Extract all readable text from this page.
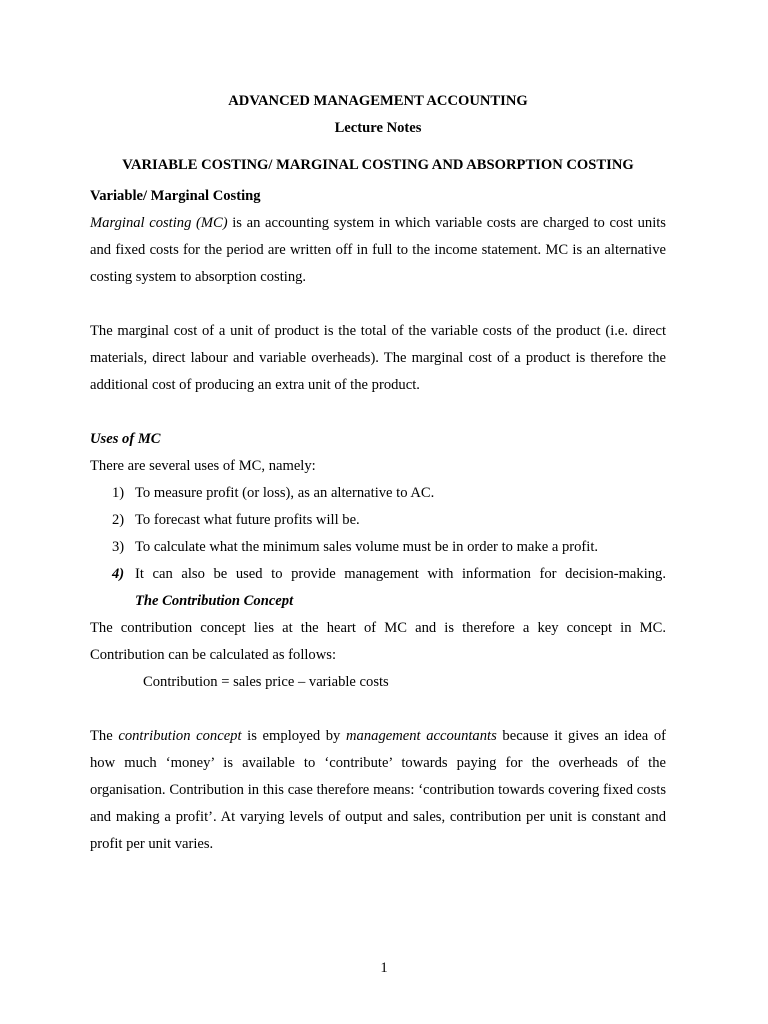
ADVANCED MANAGEMENT ACCOUNTING
Lecture Notes
VARIABLE COSTING/ MARGINAL COSTING AND ABSORPTION COSTING
Variable/ Marginal Costing

Marginal costing (MC) is an accounting system in which variable costs are charged to cost units and fixed costs for the period are written off in full to the income statement. MC is an alternative costing system to absorption costing.

The marginal cost of a unit of product is the total of the variable costs of the product (i.e. direct materials, direct labour and variable overheads). The marginal cost of a product is therefore the additional cost of producing an extra unit of the product.

Uses of MC

There are several uses of MC, namely:

1) To measure profit (or loss), as an alternative to AC.
2) To forecast what future profits will be.
3) To calculate what the minimum sales volume must be in order to make a profit.
4) It can also be used to provide management with information for decision-making.
The Contribution Concept

The contribution concept lies at the heart of MC and is therefore a key concept in MC. Contribution can be calculated as follows:

Contribution = sales price – variable costs

The contribution concept is employed by management accountants because it gives an idea of how much ‘money’ is available to ‘contribute’ towards paying for the overheads of the organisation. Contribution in this case therefore means: ‘contribution towards covering fixed costs and making a profit’. At varying levels of output and sales, contribution per unit is constant and profit per unit varies.

1
